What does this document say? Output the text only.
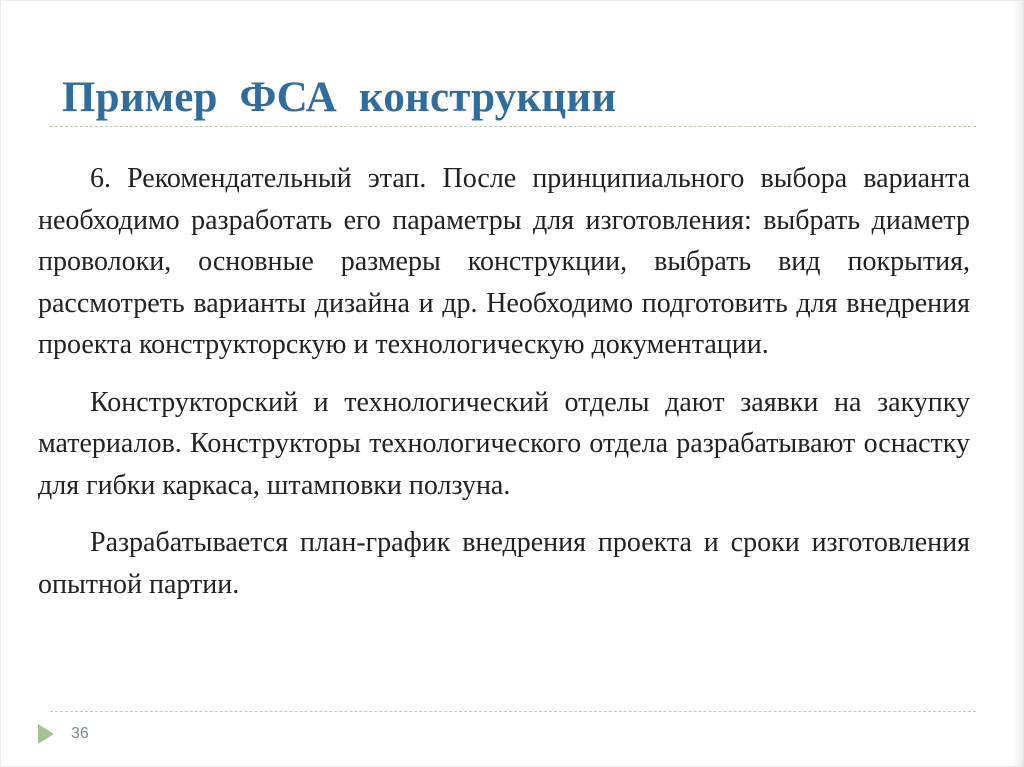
Пример  ФСА  конструкции

6. Рекомендательный этап. После принципиального выбора варианта необходимо разработать его параметры для изготовления: выбрать диаметр проволоки, основные размеры конструкции, выбрать вид покрытия, рассмотреть варианты дизайна и др. Необходимо подготовить для внедрения проекта конструкторскую и технологическую документации.

Конструкторский и технологический отделы дают заявки на закупку материалов. Конструкторы технологического отдела разрабатывают оснастку для гибки каркаса, штамповки ползуна.

Разрабатывается план-график внедрения проекта и сроки изготовления опытной партии.

36
